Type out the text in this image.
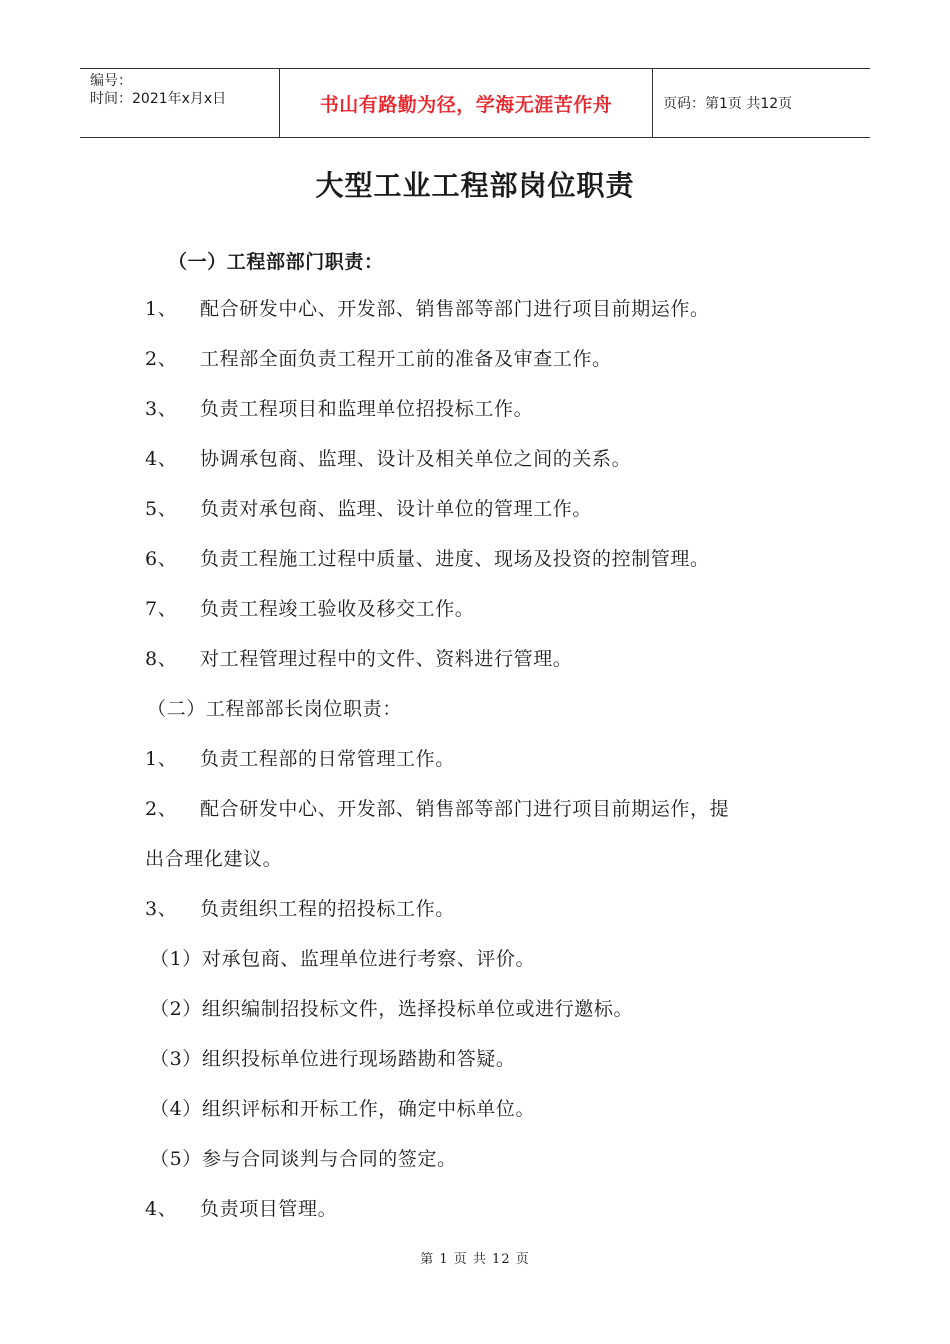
编号：
时间：2021年x月x日	书山有路勤为径，学海无涯苦作舟	页码：第1页 共12页
大型工业工程部岗位职责
（一）工程部部门职责：
1、 配合研发中心、开发部、销售部等部门进行项目前期运作。
2、 工程部全面负责工程开工前的准备及审查工作。
3、 负责工程项目和监理单位招投标工作。
4、 协调承包商、监理、设计及相关单位之间的关系。
5、 负责对承包商、监理、设计单位的管理工作。
6、 负责工程施工过程中质量、进度、现场及投资的控制管理。
7、 负责工程竣工验收及移交工作。
8、 对工程管理过程中的文件、资料进行管理。
（二）工程部部长岗位职责：
1、 负责工程部的日常管理工作。
2、 配合研发中心、开发部、销售部等部门进行项目前期运作，提
出合理化建议。
3、 负责组织工程的招投标工作。
（1）对承包商、监理单位进行考察、评价。
（2）组织编制招投标文件，选择投标单位或进行邀标。
（3）组织投标单位进行现场踏勘和答疑。
（4）组织评标和开标工作，确定中标单位。
（5）参与合同谈判与合同的签定。
4、 负责项目管理。
第 1 页 共 12 页
